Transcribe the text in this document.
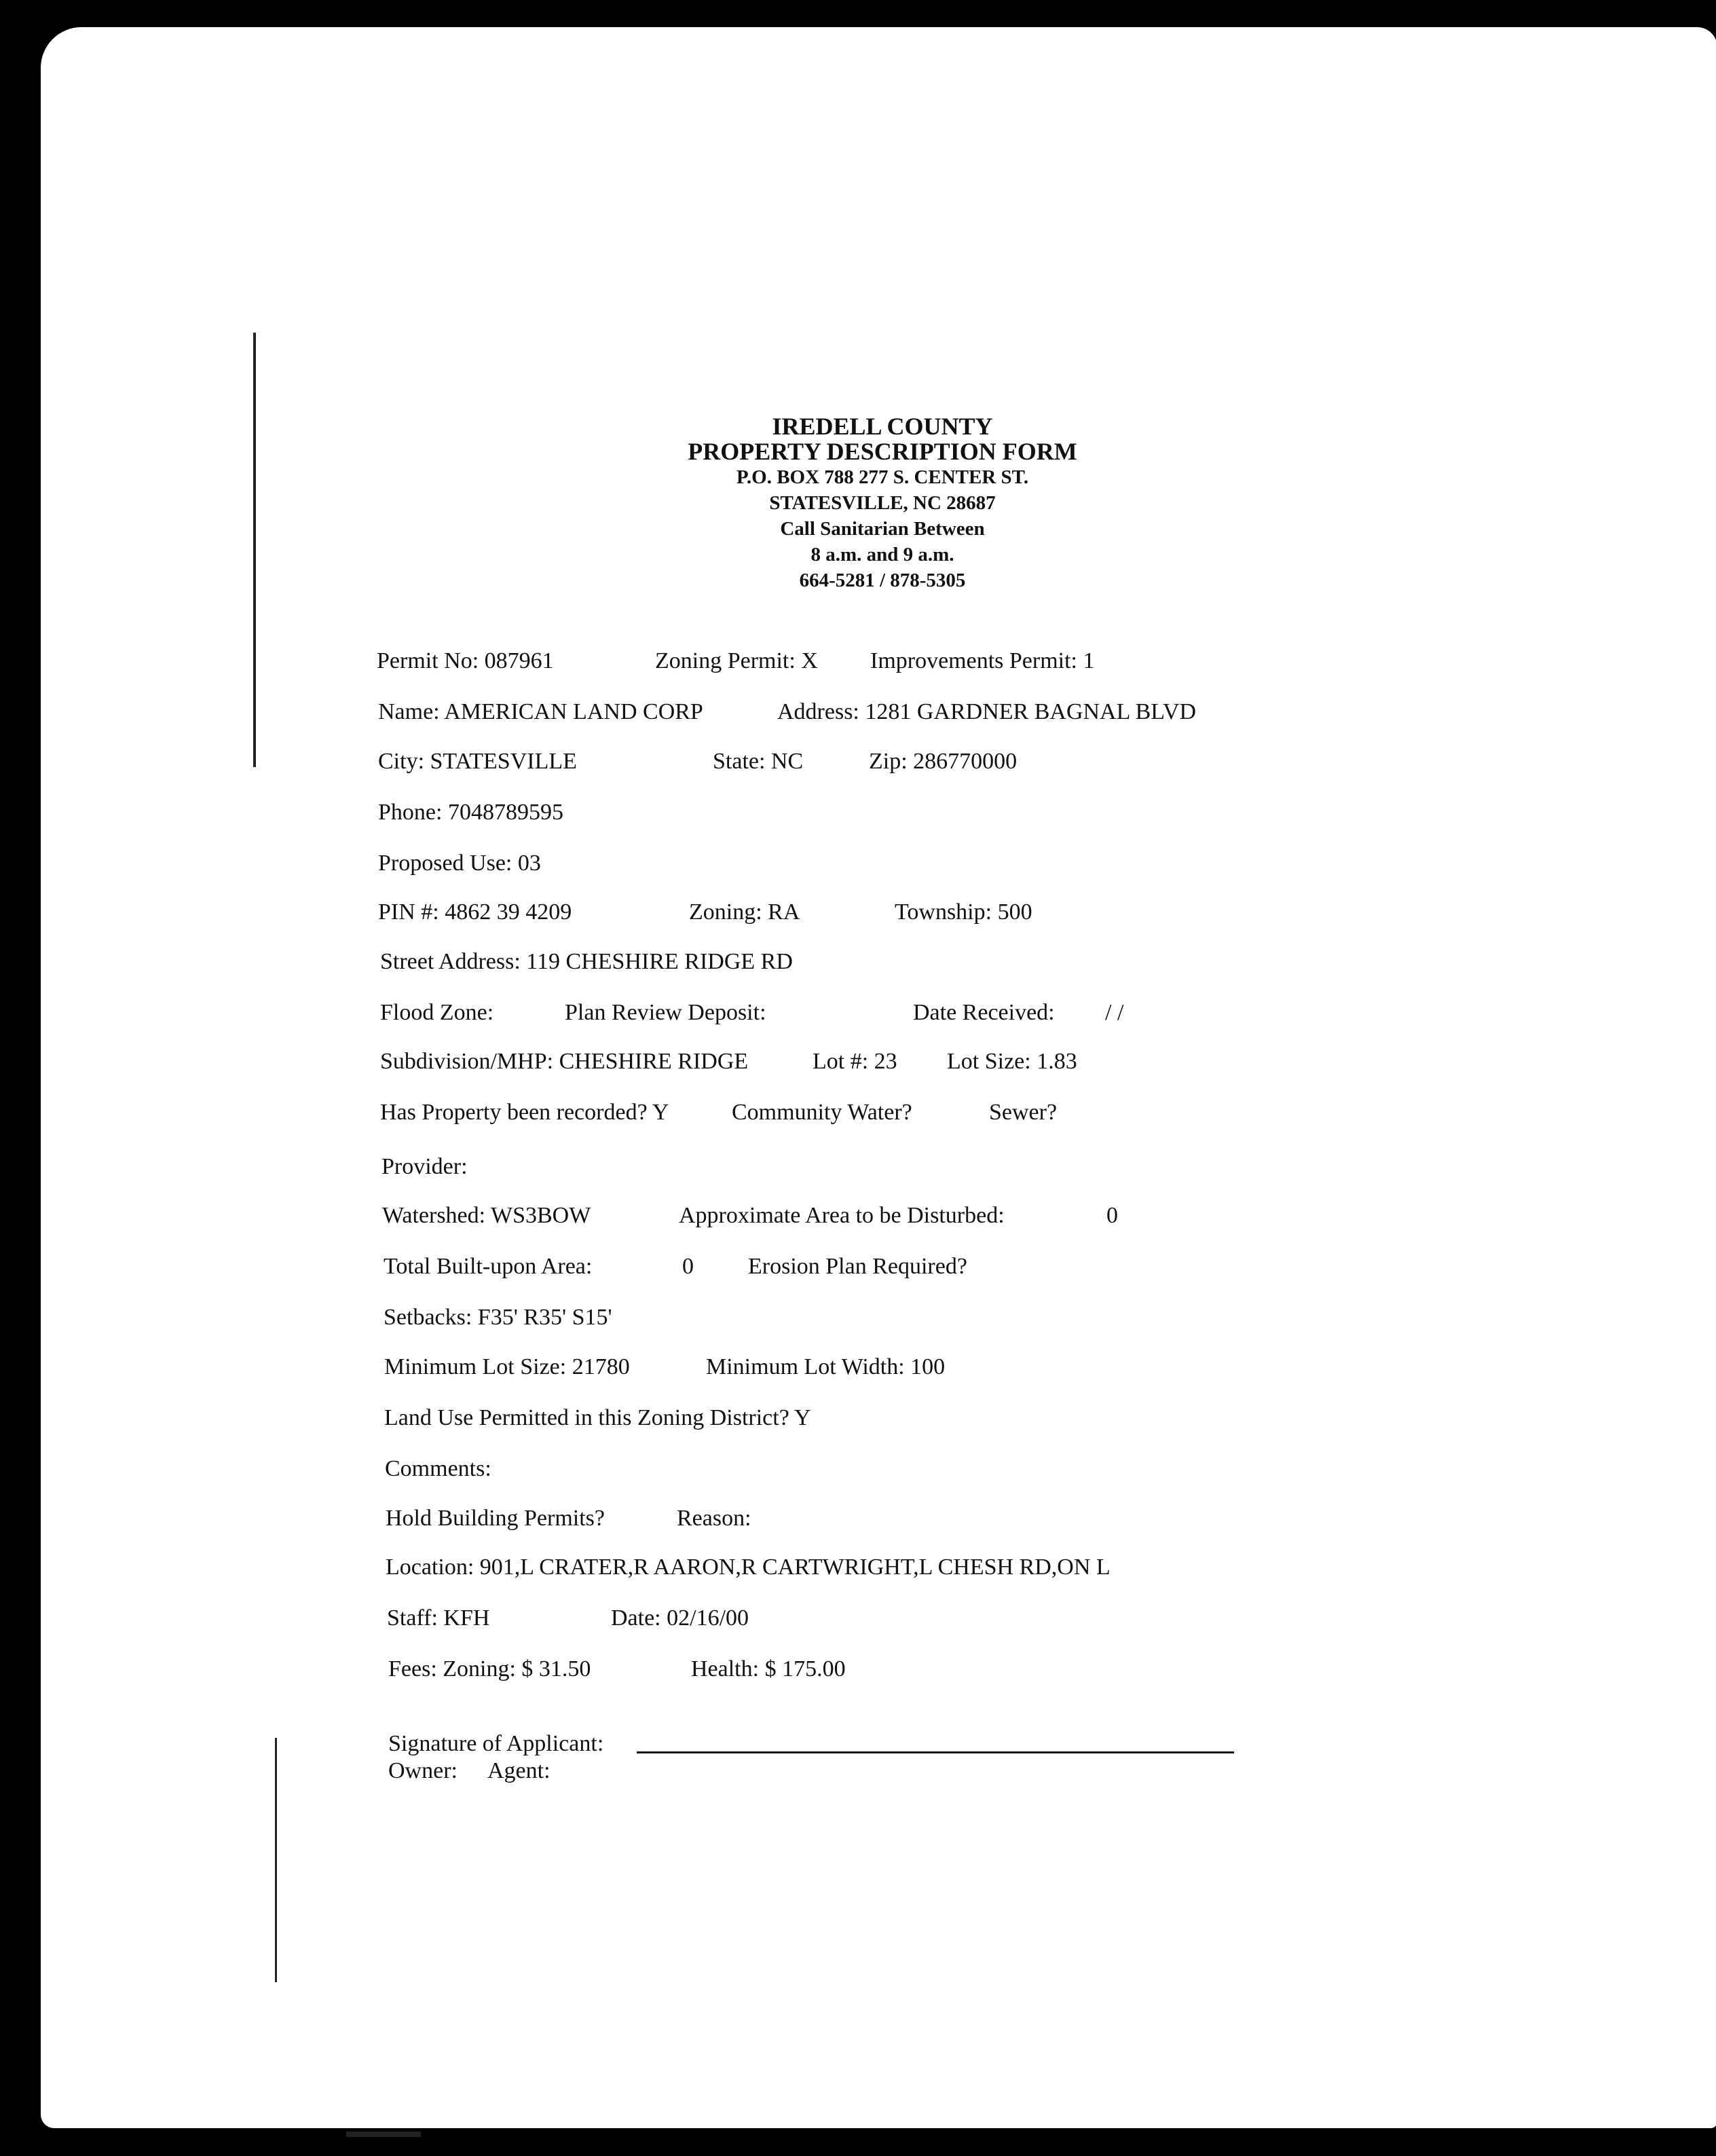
IREDELL COUNTY
PROPERTY DESCRIPTION FORM
P.O. BOX 788 277 S. CENTER ST.
STATESVILLE, NC 28687
Call Sanitarian Between
8 a.m. and 9 a.m.
664-5281 / 878-5305
Permit No: 087961	Zoning Permit: X Improvements Permit: 1
Name: AMERICAN LAND CORP	Address: 1281 GARDNER BAGNAL BLVD
City: STATESVILLE	State: NC	Zip: 286770000
Phone: 7048789595
Proposed Use: 03
PIN #: 4862 39 4209	Zoning: RA	Township: 500
Street Address: 119 CHESHIRE RIDGE RD
Flood Zone:	Plan Review Deposit:	Date Received: / /
Subdivision/MHP: CHESHIRE RIDGE	Lot #: 23 Lot Size: 1.83
Has Property been recorded? Y	Community Water?	Sewer?
Provider:
Watershed: WS3BOW	Approximate Area to be Disturbed:	0
Total Built-upon Area:	0 Erosion Plan Required?
Setbacks: F35' R35' S15'
Minimum Lot Size: 21780	Minimum Lot Width: 100
Land Use Permitted in this Zoning District? Y
Comments:
Hold Building Permits?	Reason:
Location: 901,L CRATER,R AARON,R CARTWRIGHT,L CHESH RD,ON L
Staff: KFH	Date: 02/16/00
Fees: Zoning: $ 31.50	Health: $ 175.00
Signature of Applicant:
Owner: Agent:
